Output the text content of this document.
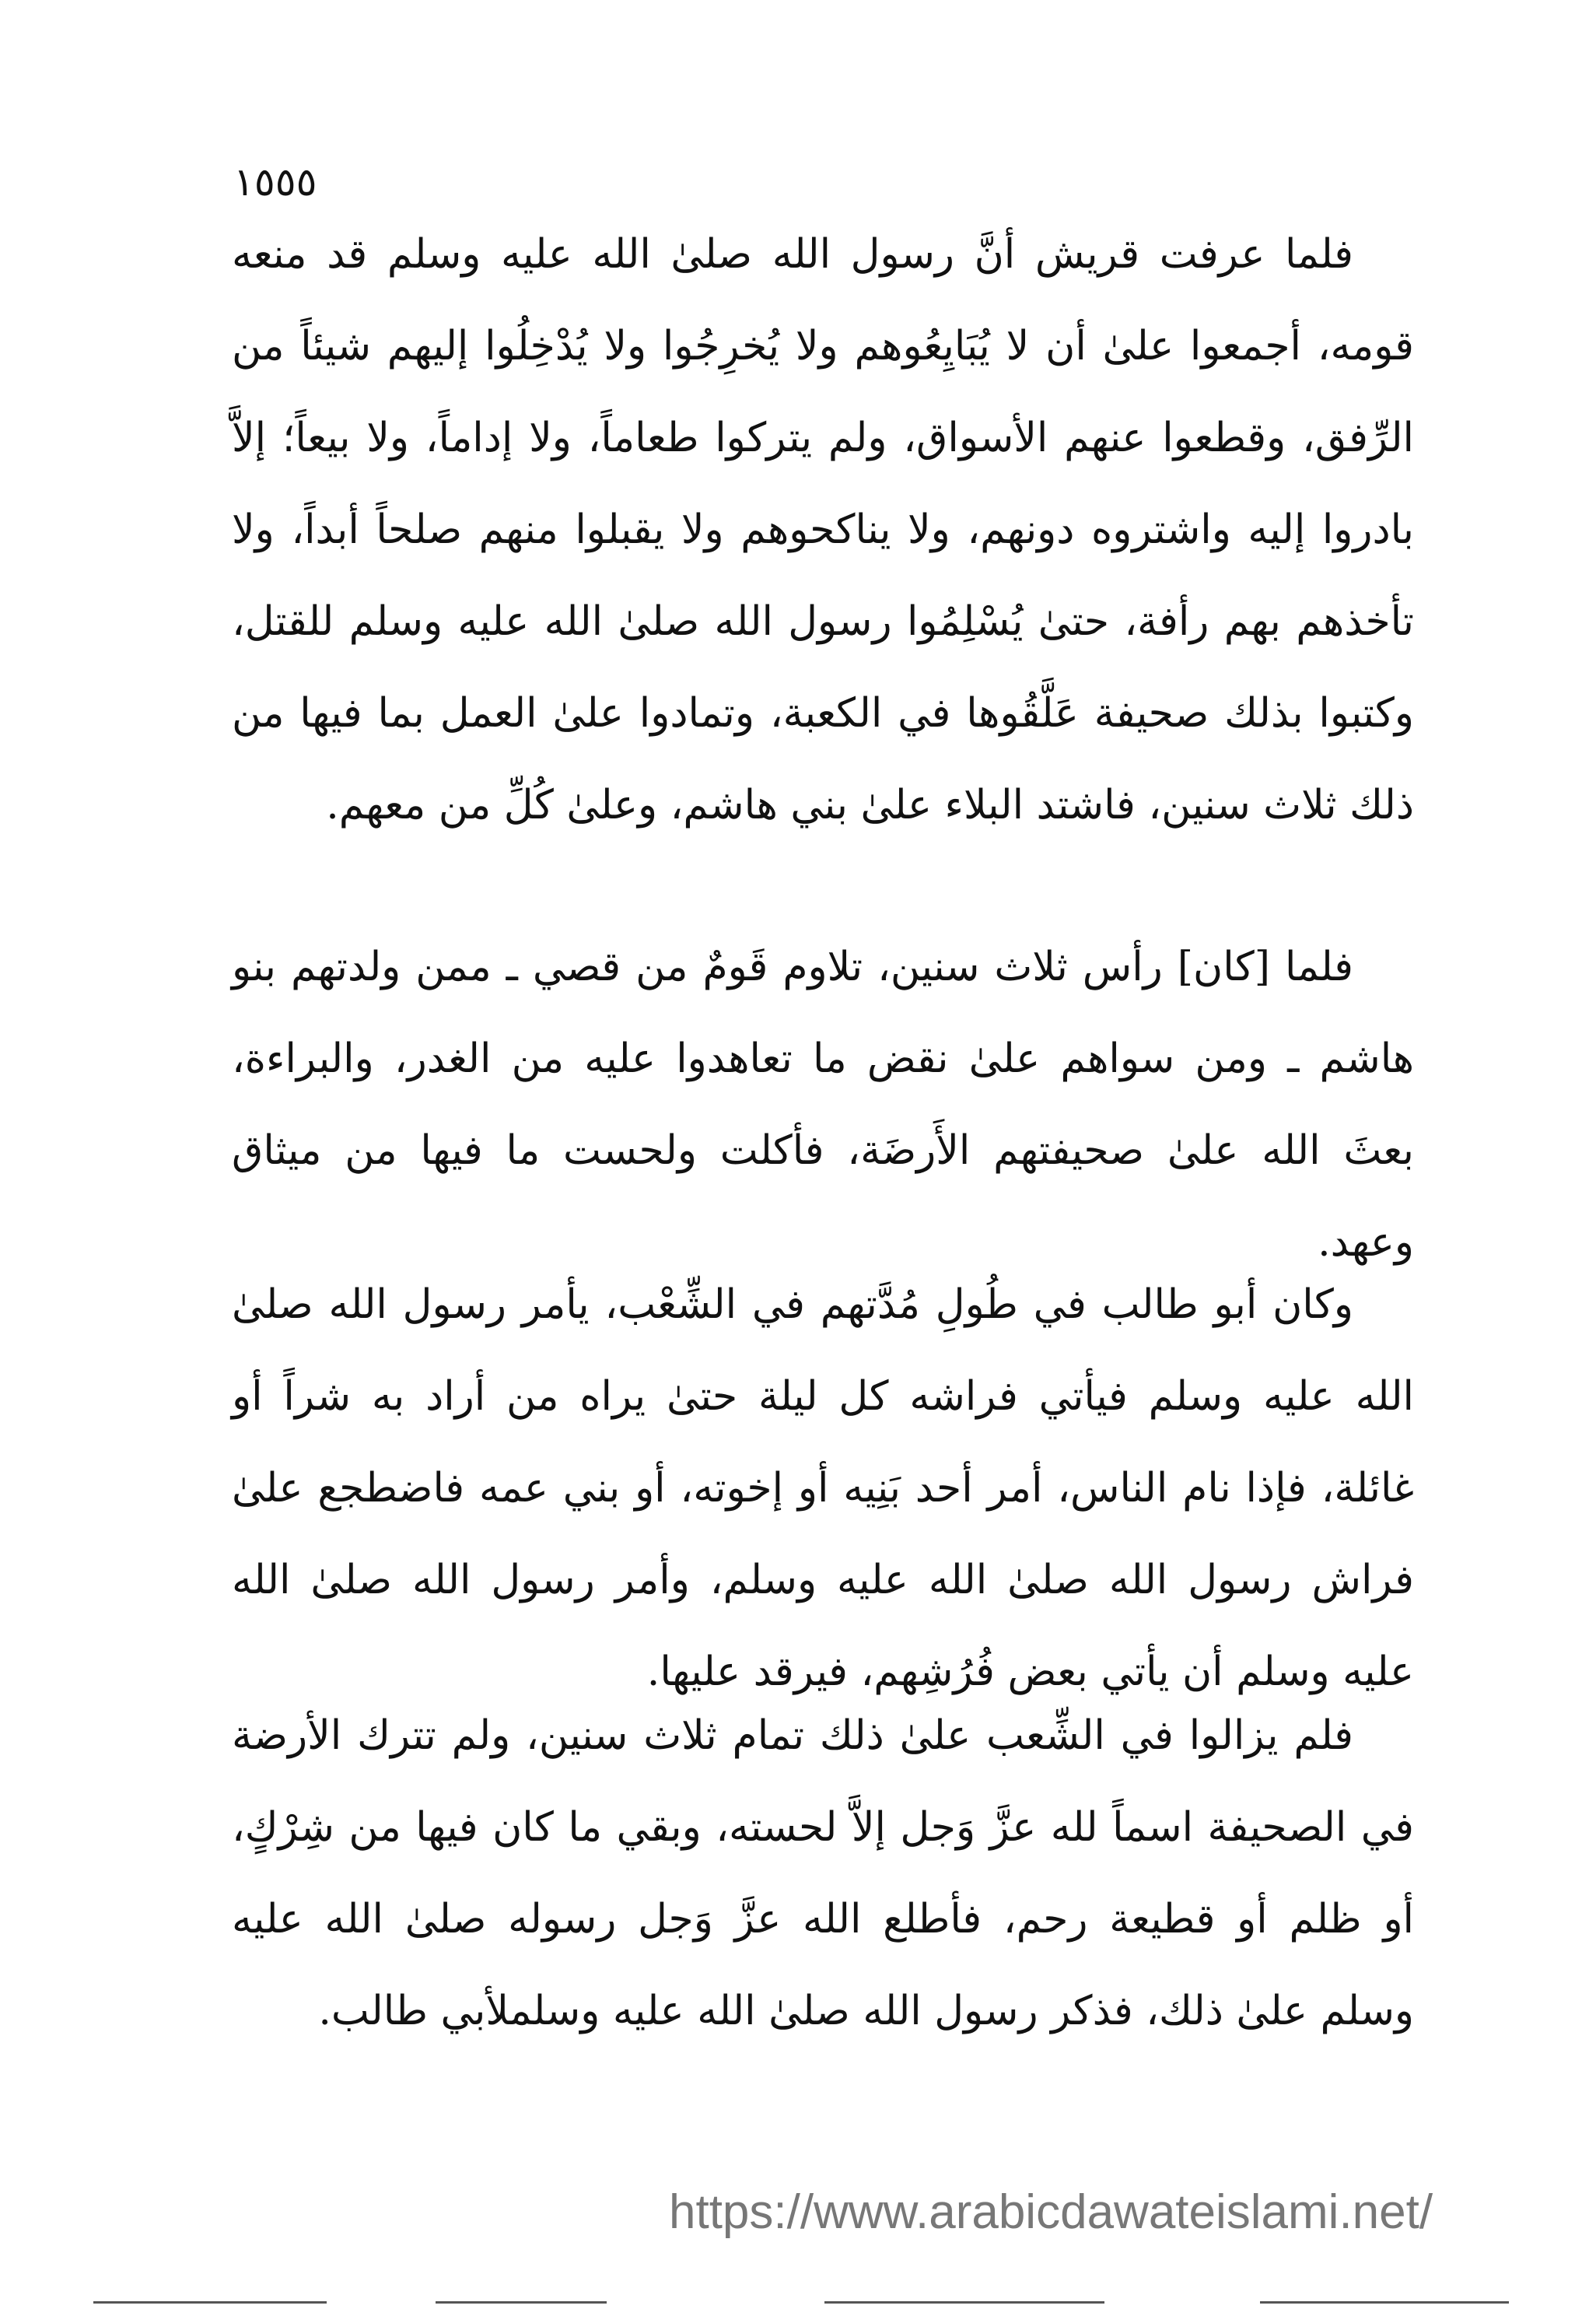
١٥٥٥

فلما عرفت قريش أنَّ رسول الله صلىٰ الله عليه وسلم قد منعه قومه، أجمعوا علىٰ أن لا يُبَايِعُوهم ولا يُخرِجُوا ولا يُدْخِلُوا إليهم شيئاً من الرِّفق، وقطعوا عنهم الأسواق، ولم يتركوا طعاماً، ولا إداماً، ولا بيعاً؛ إلاَّ بادروا إليه واشتروه دونهم، ولا يناكحوهم ولا يقبلوا منهم صلحاً أبداً، ولا تأخذهم بهم رأفة، حتىٰ يُسْلِمُوا رسول الله صلىٰ الله عليه وسلم للقتل، وكتبوا بذلك صحيفة عَلَّقُوها في الكعبة، وتمادوا علىٰ العمل بما فيها من ذلك ثلاث سنين، فاشتد البلاء علىٰ بني هاشم، وعلىٰ كُلِّ من معهم.

فلما [كان] رأس ثلاث سنين، تلاوم قَومٌ من قصي ـ ممن ولدتهم بنو هاشم ـ ومن سواهم علىٰ نقض ما تعاهدوا عليه من الغدر، والبراءة، بعثَ الله علىٰ صحيفتهم الأَرضَة، فأكلت ولحست ما فيها من ميثاق وعهد.

وكان أبو طالب في طُولِ مُدَّتهم في الشِّعْب، يأمر رسول الله صلىٰ الله عليه وسلم فيأتي فراشه كل ليلة حتىٰ يراه من أراد به شراً أو غائلة، فإذا نام الناس، أمر أحد بَنِيه أو إخوته، أو بني عمه فاضطجع علىٰ فراش رسول الله صلىٰ الله عليه وسلم، وأمر رسول الله صلىٰ الله عليه وسلم أن يأتي بعض فُرُشِهم، فيرقد عليها.

فلم يزالوا في الشِّعب علىٰ ذلك تمام ثلاث سنين، ولم تترك الأرضة في الصحيفة اسماً لله عزَّ وَجل إلاَّ لحسته، وبقي ما كان فيها من شِرْكٍ، أو ظلم أو قطيعة رحم، فأطلع الله عزَّ وَجل رسوله صلىٰ الله عليه وسلم علىٰ ذلك، فذكر رسول الله صلىٰ الله عليه وسلملأبي طالب.

https://www.arabicdawateislami.net/
